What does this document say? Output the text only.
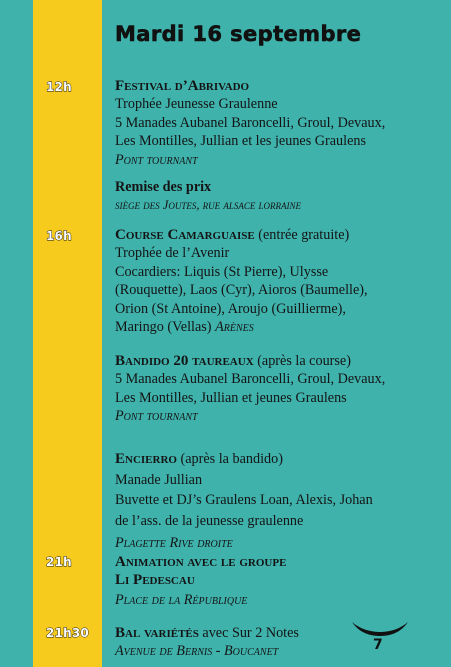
Mardi 16 septembre
12h
16h
21h
21h30
Festival d’Abrivado
Trophée Jeunesse Graulenne
5 Manades Aubanel Baroncelli, Groul, Devaux,
Les Montilles, Jullian et les jeunes Graulens
Pont tournant
Remise des prix
siège des Joutes, rue alsace lorraine
Course Camarguaise (entrée gratuite)
Trophée de l’Avenir
Cocardiers: Liquis (St Pierre), Ulysse
(Rouquette), Laos (Cyr), Aioros (Baumelle),
Orion (St Antoine), Aroujo (Guillierme),
Maringo (Vellas) Arènes
Bandido 20 taureaux (après la course)
5 Manades Aubanel Baroncelli, Groul, Devaux,
Les Montilles, Jullian et jeunes Graulens
Pont tournant
Encierro (après la bandido)
Manade Jullian
Buvette et DJ’s Graulens Loan, Alexis, Johan
de l’ass. de la jeunesse graulenne
Plagette Rive droite
Animation avec le groupe
Li Pedescau
Place de la République
Bal variétés avec Sur 2 Notes
Avenue de Bernis - Boucanet	7
